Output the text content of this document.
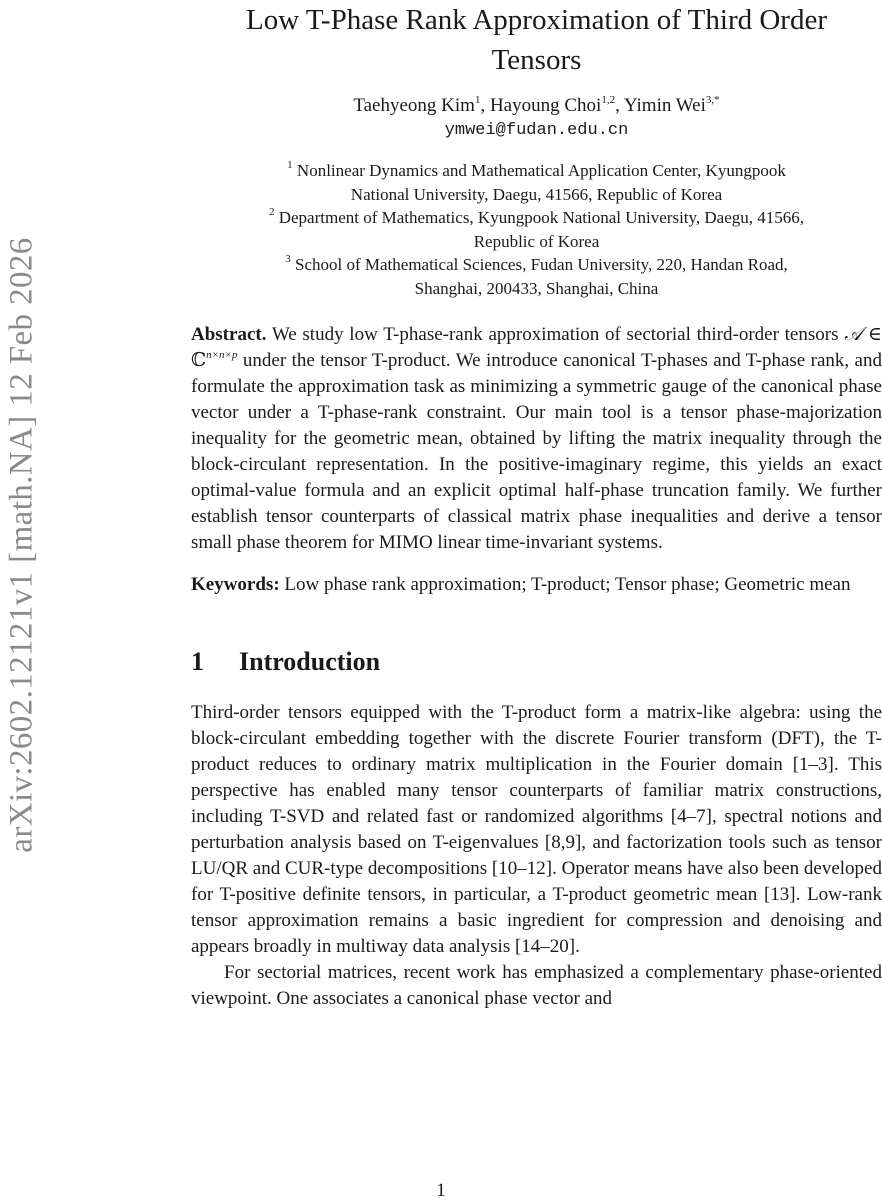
arXiv:2602.12121v1 [math.NA] 12 Feb 2026
Low T-Phase Rank Approximation of Third Order
Tensors
Taehyeong Kim$^1$, Hayoung Choi$^{1,2}$, Yimin Wei$^{3,*}$
ymwei@fudan.edu.cn
$^1$ Nonlinear Dynamics and Mathematical Application Center, Kyungpook
National University, Daegu, 41566, Republic of Korea
$^2$ Department of Mathematics, Kyungpook National University, Daegu, 41566,
Republic of Korea
$^3$ School of Mathematical Sciences, Fudan University, 220, Handan Road,
Shanghai, 200433, Shanghai, China
Abstract. We study low T-phase-rank approximation of sectorial third-order tensors 𝒜 ∈ ℂ$^{n\times n\times p}$ under the tensor T-product. We introduce canonical T-phases and T-phase rank, and formulate the approximation task as minimizing a symmetric gauge of the canonical phase vector under a T-phase-rank constraint. Our main tool is a tensor phase-majorization inequality for the geometric mean, obtained by lifting the matrix inequality through the block-circulant representation. In the positive-imaginary regime, this yields an exact optimal-value formula and an explicit optimal half-phase truncation family. We further establish tensor counterparts of classical matrix phase inequalities and derive a tensor small phase theorem for MIMO linear time-invariant systems.
Keywords: Low phase rank approximation; T-product; Tensor phase; Geometric mean
1 Introduction

Third-order tensors equipped with the T-product form a matrix-like algebra: using the block-circulant embedding together with the discrete Fourier transform (DFT), the T-product reduces to ordinary matrix multiplication in the Fourier domain [1–3]. This perspective has enabled many tensor counterparts of familiar matrix constructions, including T-SVD and related fast or randomized algorithms [4–7], spectral notions and perturbation analysis based on T-eigenvalues [8,9], and factorization tools such as tensor LU/QR and CUR-type decompositions [10–12]. Operator means have also been developed for T-positive definite tensors, in particular, a T-product geometric mean [13]. Low-rank tensor approximation remains a basic ingredient for compression and denoising and appears broadly in multiway data analysis [14–20].

For sectorial matrices, recent work has emphasized a complementary phase-oriented viewpoint. One associates a canonical phase vector and

1
